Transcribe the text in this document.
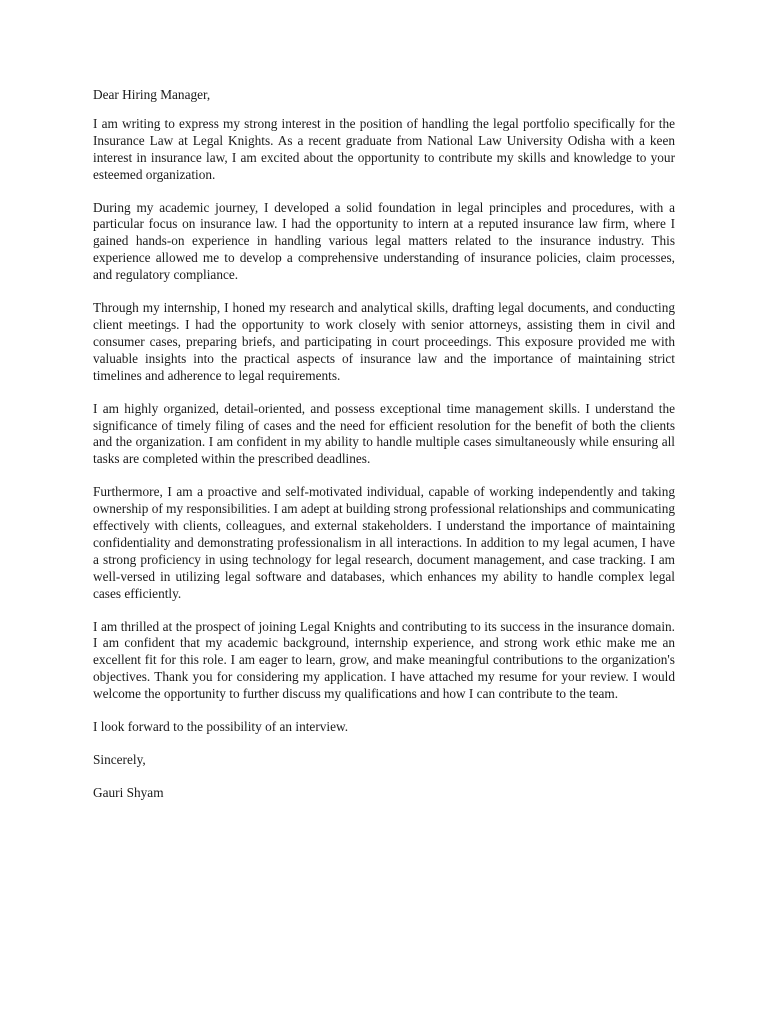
Dear Hiring Manager,

I am writing to express my strong interest in the position of handling the legal portfolio specifically for the Insurance Law at Legal Knights. As a recent graduate from National Law University Odisha with a keen interest in insurance law, I am excited about the opportunity to contribute my skills and knowledge to your esteemed organization.

During my academic journey, I developed a solid foundation in legal principles and procedures, with a particular focus on insurance law. I had the opportunity to intern at a reputed insurance law firm, where I gained hands-on experience in handling various legal matters related to the insurance industry. This experience allowed me to develop a comprehensive understanding of insurance policies, claim processes, and regulatory compliance.

Through my internship, I honed my research and analytical skills, drafting legal documents, and conducting client meetings. I had the opportunity to work closely with senior attorneys, assisting them in civil and consumer cases, preparing briefs, and participating in court proceedings. This exposure provided me with valuable insights into the practical aspects of insurance law and the importance of maintaining strict timelines and adherence to legal requirements.

I am highly organized, detail-oriented, and possess exceptional time management skills. I understand the significance of timely filing of cases and the need for efficient resolution for the benefit of both the clients and the organization. I am confident in my ability to handle multiple cases simultaneously while ensuring all tasks are completed within the prescribed deadlines.

Furthermore, I am a proactive and self-motivated individual, capable of working independently and taking ownership of my responsibilities. I am adept at building strong professional relationships and communicating effectively with clients, colleagues, and external stakeholders. I understand the importance of maintaining confidentiality and demonstrating professionalism in all interactions. In addition to my legal acumen, I have a strong proficiency in using technology for legal research, document management, and case tracking. I am well-versed in utilizing legal software and databases, which enhances my ability to handle complex legal cases efficiently.

I am thrilled at the prospect of joining Legal Knights and contributing to its success in the insurance domain. I am confident that my academic background, internship experience, and strong work ethic make me an excellent fit for this role. I am eager to learn, grow, and make meaningful contributions to the organization's objectives. Thank you for considering my application. I have attached my resume for your review. I would welcome the opportunity to further discuss my qualifications and how I can contribute to the team.

I look forward to the possibility of an interview.

Sincerely,

Gauri Shyam
